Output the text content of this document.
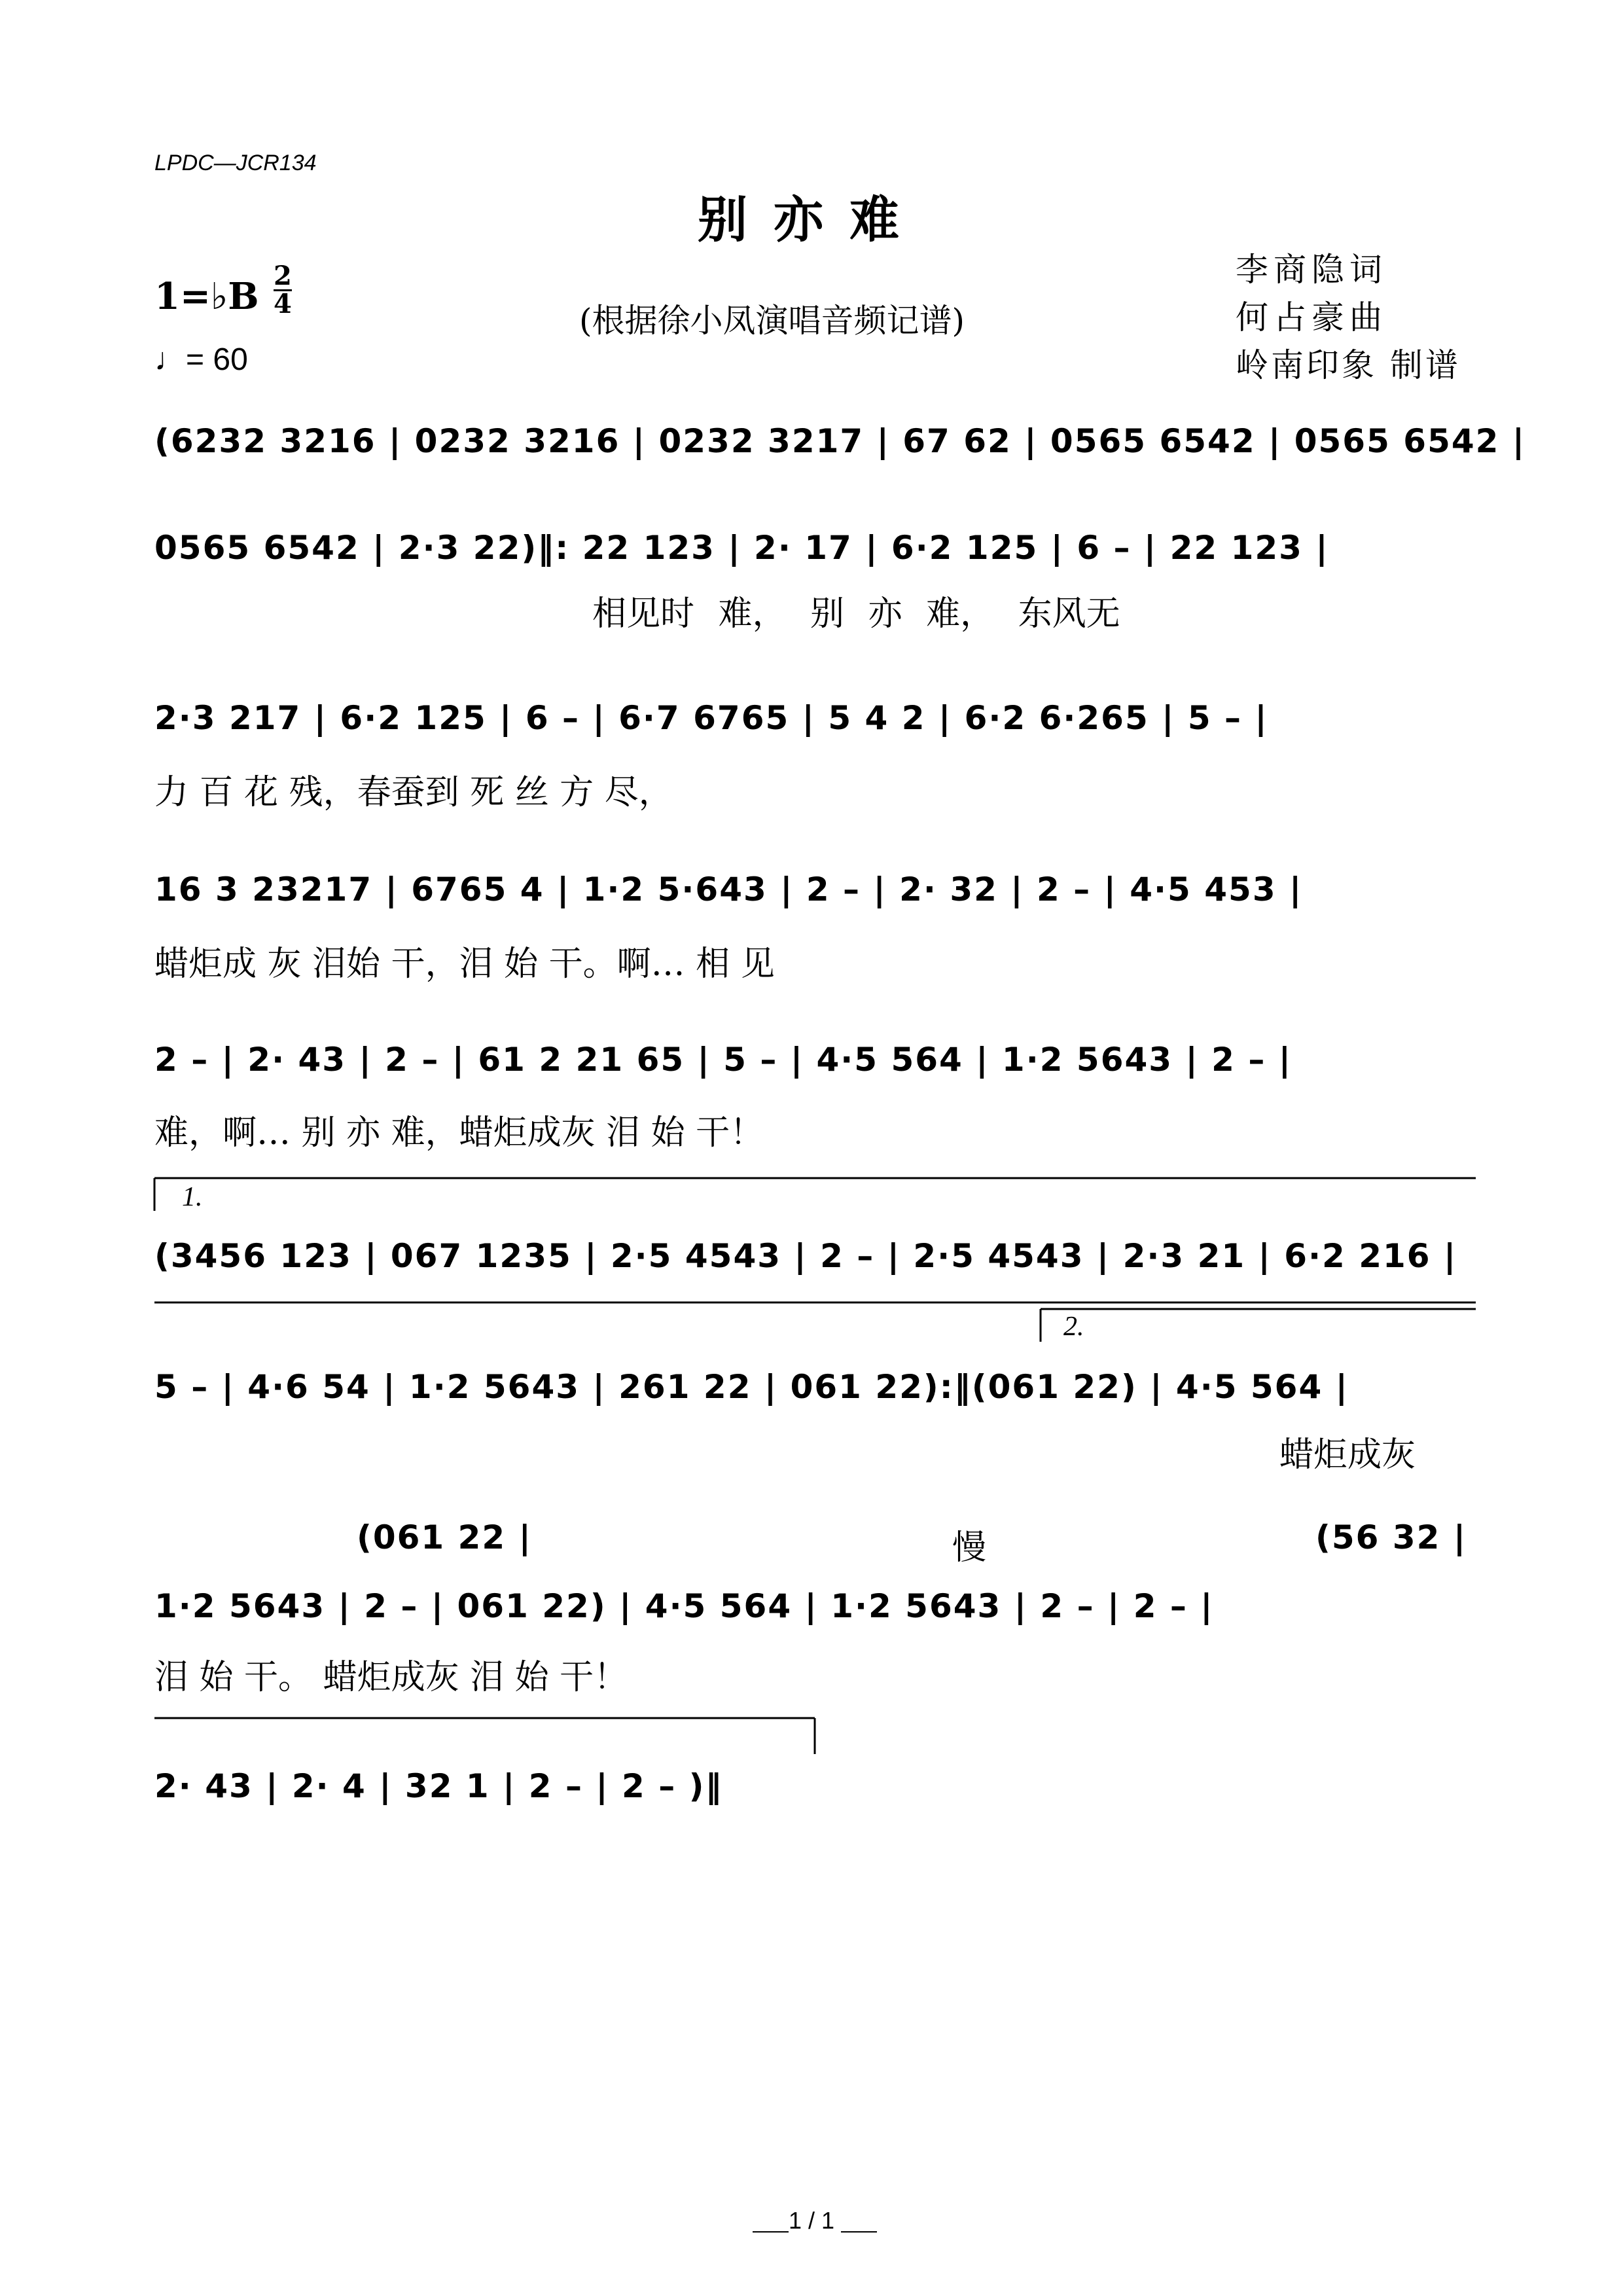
LPDC—JCR134
别亦难
1=♭B 2
4
♩= 60
(根据徐小凤演唱音频记谱)
李商隐词
何占豪曲
岭南印象 制谱
(6232 3216 | 0232 3216 | 0232 3217 | 67 62 | 0565 6542 | 0565 6542 |
0565 6542 | 2·3 22)‖: 22 123 | 2· 17 | 6·2 125 | 6 – | 22 123 |
相见时 难， 别 亦 难， 东风无
2·3 217 | 6·2 125 | 6 – | 6·7 6765 | 5 4 2 | 6·2 6·265 | 5 – |
力 百 花 残，春蚕到 死 丝 方 尽，
16 3 23217 | 6765 4 | 1·2 5·643 | 2 – | 2· 32 | 2 – | 4·5 453 |
蜡炬成 灰 泪始 干，泪 始 干。啊… 相 见
2 – | 2· 43 | 2 – | 61 2 21 65 | 5 – | 4·5 564 | 1·2 5643 | 2 – |
难，啊… 别 亦 难，蜡炬成灰 泪 始 干！
1.
(3456 123 | 067 1235 | 2·5 4543 | 2 – | 2·5 4543 | 2·3 21 | 6·2 216 |
2.
5 – | 4·6 54 | 1·2 5643 | 261 22 | 061 22):‖(061 22) | 4·5 564 |
蜡炬成灰
(061 22 |	慢	(56 32 |
1·2 5643 | 2 – | 061 22) | 4·5 564 | 1·2 5643 | 2 – | 2 – |
泪 始 干。 蜡炬成灰 泪 始 干！
2· 43 | 2· 4 | 32 1 | 2 – | 2 – )‖
1 / 1
